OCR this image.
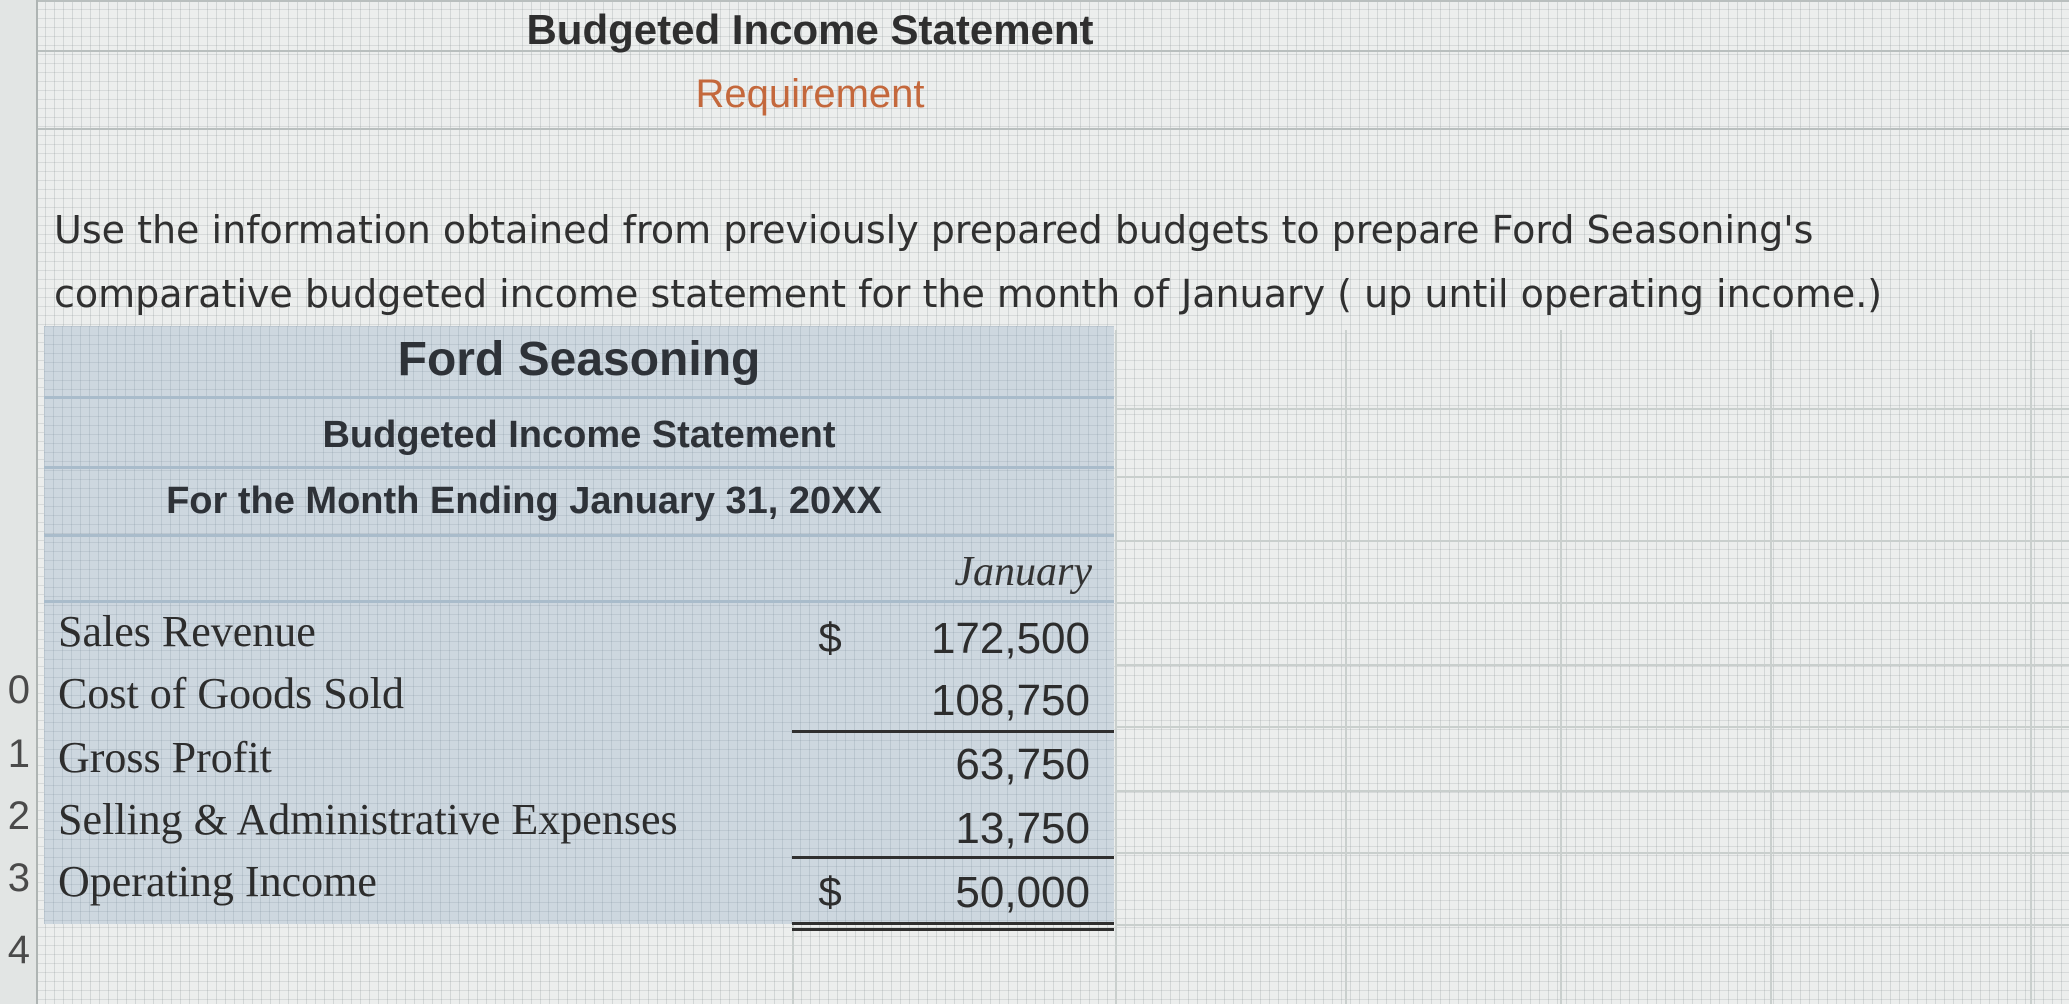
0
1
2
3
4
Budgeted Income Statement
Requirement
Use the information obtained from previously prepared budgets to prepare Ford Seasoning's
comparative budgeted income statement for the month of January ( up until operating income.)
Ford Seasoning
Budgeted Income Statement
For the Month Ending January 31, 20XX
January
Sales Revenue	$	172,500
Cost of Goods Sold	108,750
Gross Profit	63,750
Selling & Administrative Expenses	13,750
Operating Income	$	50,000
